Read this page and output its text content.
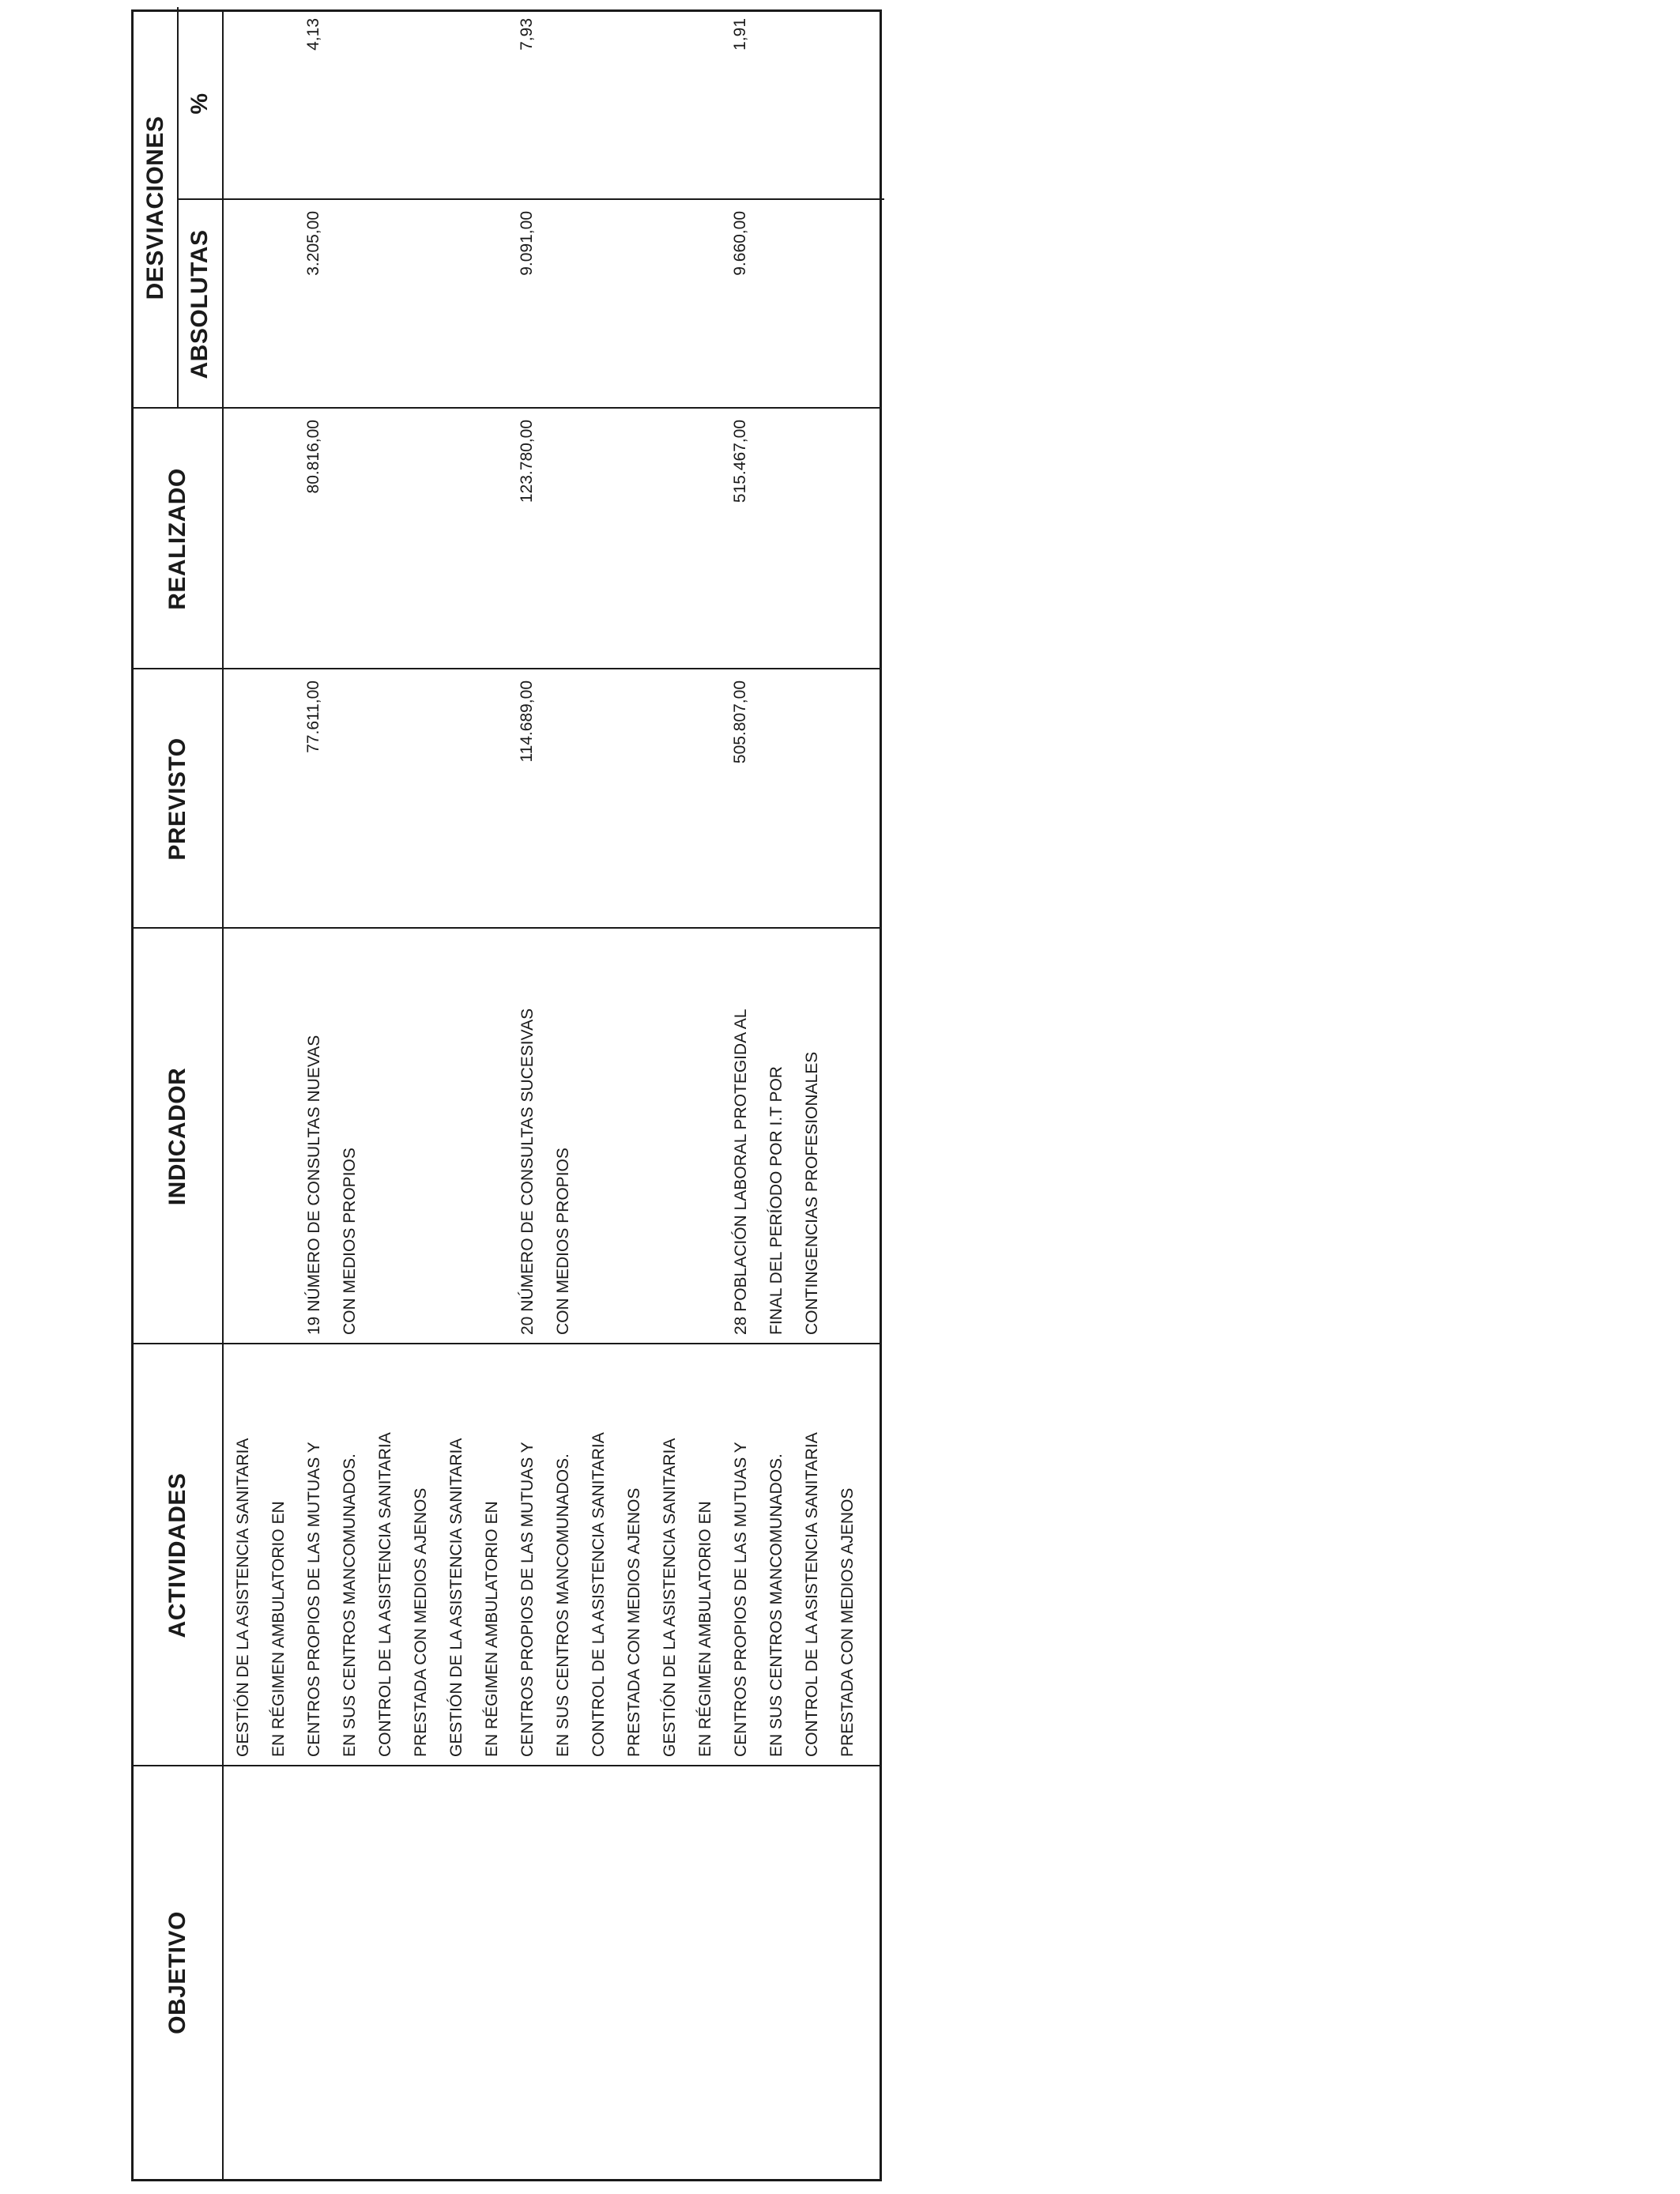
OBJETIVO
ACTIVIDADES
INDICADOR
PREVISTO
REALIZADO
DESVIACIONES
ABSOLUTAS
%
GESTIÓN DE LA ASISTENCIA SANITARIA
EN RÉGIMEN AMBULATORIO EN
CENTROS PROPIOS DE LAS MUTUAS Y
EN SUS CENTROS MANCOMUNADOS.
CONTROL DE LA ASISTENCIA SANITARIA
PRESTADA CON MEDIOS AJENOS
GESTIÓN DE LA ASISTENCIA SANITARIA
EN RÉGIMEN AMBULATORIO EN
CENTROS PROPIOS DE LAS MUTUAS Y
EN SUS CENTROS MANCOMUNADOS.
CONTROL DE LA ASISTENCIA SANITARIA
PRESTADA CON MEDIOS AJENOS
GESTIÓN DE LA ASISTENCIA SANITARIA
EN RÉGIMEN AMBULATORIO EN
CENTROS PROPIOS DE LAS MUTUAS Y
EN SUS CENTROS MANCOMUNADOS.
CONTROL DE LA ASISTENCIA SANITARIA
PRESTADA CON MEDIOS AJENOS
19 NÚMERO DE CONSULTAS NUEVAS
CON MEDIOS PROPIOS
77.611,00
80.816,00
3.205,00
4,13
20 NÚMERO DE CONSULTAS SUCESIVAS
CON MEDIOS PROPIOS
114.689,00
123.780,00
9.091,00
7,93
28 POBLACIÓN LABORAL PROTEGIDA AL
FINAL DEL PERÍODO POR I.T POR
CONTINGENCIAS PROFESIONALES
505.807,00
515.467,00
9.660,00
1,91
